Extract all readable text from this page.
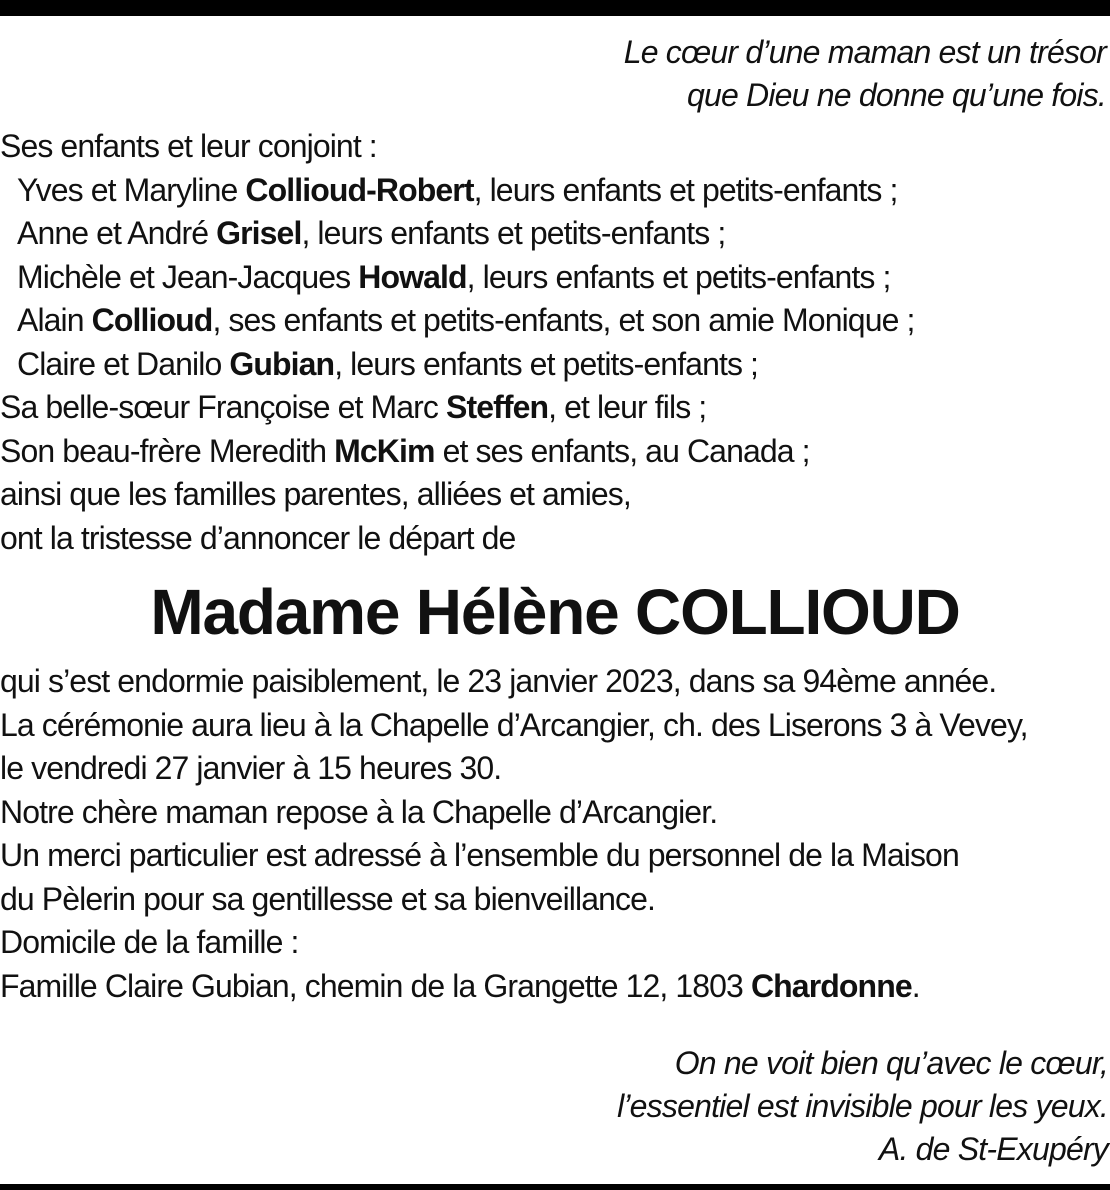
Le cœur d’une maman est un trésor
que Dieu ne donne qu’une fois.
Ses enfants et leur conjoint :
Yves et Maryline Collioud-Robert, leurs enfants et petits-enfants ;
Anne et André Grisel, leurs enfants et petits-enfants ;
Michèle et Jean-Jacques Howald, leurs enfants et petits-enfants ;
Alain Collioud, ses enfants et petits-enfants, et son amie Monique ;
Claire et Danilo Gubian, leurs enfants et petits-enfants ;
Sa belle-sœur Françoise et Marc Steffen, et leur fils ;
Son beau-frère Meredith McKim et ses enfants, au Canada ;
ainsi que les familles parentes, alliées et amies,
ont la tristesse d’annoncer le départ de
Madame Hélène COLLIOUD
qui s’est endormie paisiblement, le 23 janvier 2023, dans sa 94ème année.
La cérémonie aura lieu à la Chapelle d’Arcangier, ch. des Liserons 3 à Vevey,
le vendredi 27 janvier à 15 heures 30.
Notre chère maman repose à la Chapelle d’Arcangier.
Un merci particulier est adressé à l’ensemble du personnel de la Maison
du Pèlerin pour sa gentillesse et sa bienveillance.
Domicile de la famille :
Famille Claire Gubian, chemin de la Grangette 12, 1803 Chardonne.
On ne voit bien qu’avec le cœur,
l’essentiel est invisible pour les yeux.
A. de St-Exupéry
